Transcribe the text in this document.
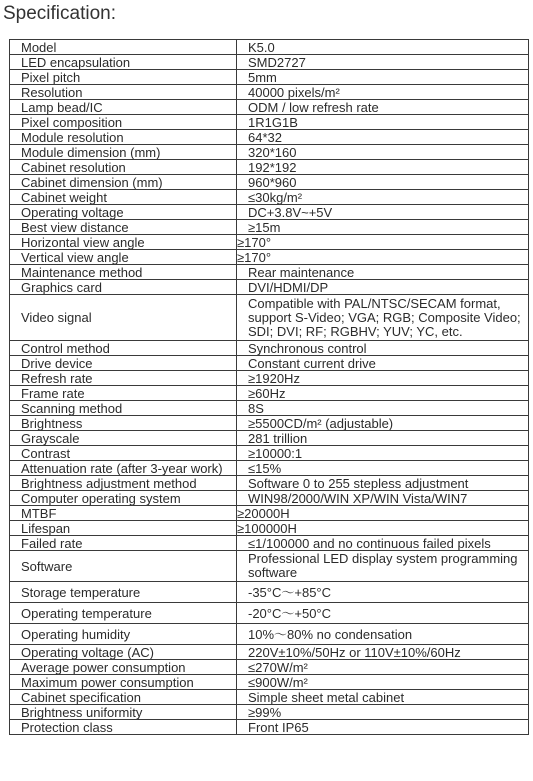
Specification:
Model	K5.0
LED encapsulation	SMD2727
Pixel pitch	5mm
Resolution	40000 pixels/m²
Lamp bead/IC	ODM / low refresh rate
Pixel composition	1R1G1B
Module resolution	64*32
Module dimension (mm)	320*160
Cabinet resolution	192*192
Cabinet dimension (mm)	960*960
Cabinet weight	≤30kg/m²
Operating voltage	DC+3.8V~+5V
Best view distance	≥15m
Horizontal view angle	≥170°
Vertical view angle	≥170°
Maintenance method	Rear maintenance
Graphics card	DVI/HDMI/DP
Video signal	Compatible with PAL/NTSC/SECAM format, support S-Video; VGA; RGB; Composite Video; SDI; DVI; RF; RGBHV; YUV; YC, etc.
Control method	Synchronous control
Drive device	Constant current drive
Refresh rate	≥1920Hz
Frame rate	≥60Hz
Scanning method	8S
Brightness	≥5500CD/m² (adjustable)
Grayscale	281 trillion
Contrast	≥10000:1
Attenuation rate (after 3-year work)	≤15%
Brightness adjustment method	Software 0 to 255 stepless adjustment
Computer operating system	WIN98/2000/WIN XP/WIN Vista/WIN7
MTBF	≥20000H
Lifespan	≥100000H
Failed rate	≤1/100000 and no continuous failed pixels
Software	Professional LED display system programming software
Storage temperature	-35°C～+85°C
Operating temperature	-20°C～+50°C
Operating humidity	10%～80% no condensation
Operating voltage (AC)	220V±10%/50Hz or 110V±10%/60Hz
Average power consumption	≤270W/m²
Maximum power consumption	≤900W/m²
Cabinet specification	Simple sheet metal cabinet
Brightness uniformity	≥99%
Protection class	Front IP65
